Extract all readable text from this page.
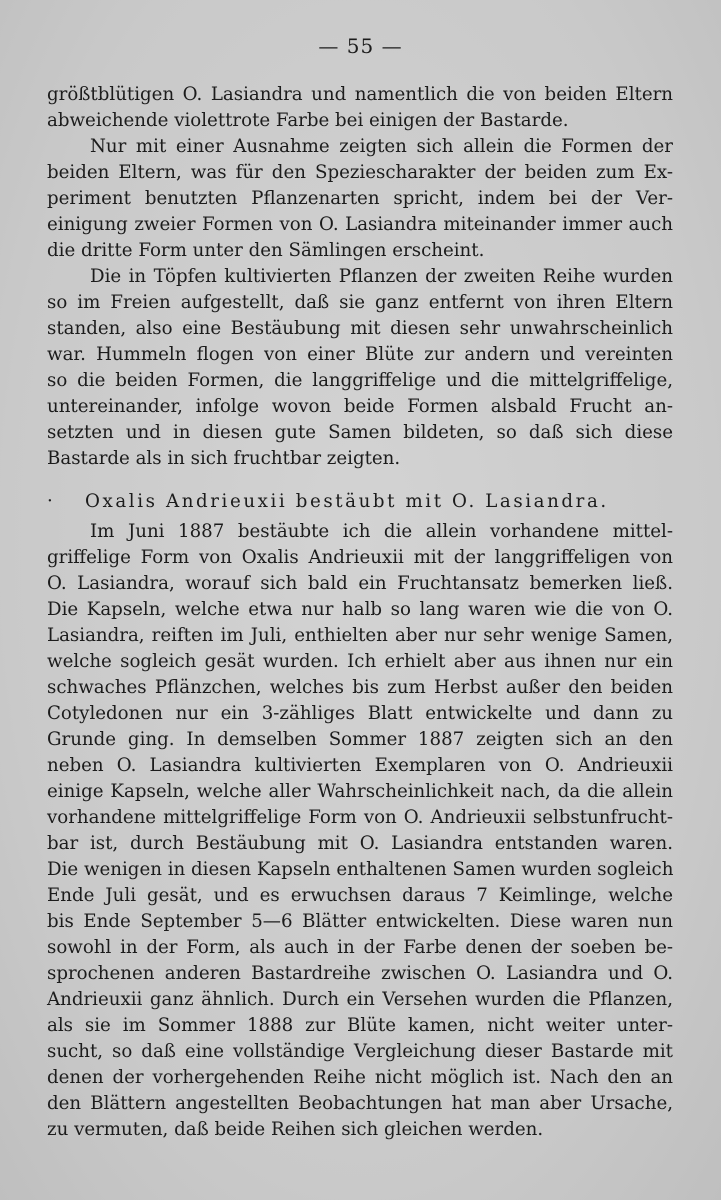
— 55 —
größtblütigen O. Lasiandra und namentlich die von beiden Eltern
abweichende violettrote Farbe bei einigen der Bastarde.
Nur mit einer Ausnahme zeigten sich allein die Formen der
beiden Eltern, was für den Speziescharakter der beiden zum Ex-
periment benutzten Pflanzenarten spricht, indem bei der Ver-
einigung zweier Formen von O. Lasiandra miteinander immer auch
die dritte Form unter den Sämlingen erscheint.
Die in Töpfen kultivierten Pflanzen der zweiten Reihe wurden
so im Freien aufgestellt, daß sie ganz entfernt von ihren Eltern
standen, also eine Bestäubung mit diesen sehr unwahrscheinlich
war. Hummeln flogen von einer Blüte zur andern und vereinten
so die beiden Formen, die langgriffelige und die mittelgriffelige,
untereinander, infolge wovon beide Formen alsbald Frucht an-
setzten und in diesen gute Samen bildeten, so daß sich diese
Bastarde als in sich fruchtbar zeigten.
· Oxalis Andrieuxii bestäubt mit O. Lasiandra.
Im Juni 1887 bestäubte ich die allein vorhandene mittel-
griffelige Form von Oxalis Andrieuxii mit der langgriffeligen von
O. Lasiandra, worauf sich bald ein Fruchtansatz bemerken ließ.
Die Kapseln, welche etwa nur halb so lang waren wie die von O.
Lasiandra, reiften im Juli, enthielten aber nur sehr wenige Samen,
welche sogleich gesät wurden. Ich erhielt aber aus ihnen nur ein
schwaches Pflänzchen, welches bis zum Herbst außer den beiden
Cotyledonen nur ein 3-zähliges Blatt entwickelte und dann zu
Grunde ging. In demselben Sommer 1887 zeigten sich an den
neben O. Lasiandra kultivierten Exemplaren von O. Andrieuxii
einige Kapseln, welche aller Wahrscheinlichkeit nach, da die allein
vorhandene mittelgriffelige Form von O. Andrieuxii selbstunfrucht-
bar ist, durch Bestäubung mit O. Lasiandra entstanden waren.
Die wenigen in diesen Kapseln enthaltenen Samen wurden sogleich
Ende Juli gesät, und es erwuchsen daraus 7 Keimlinge, welche
bis Ende September 5—6 Blätter entwickelten. Diese waren nun
sowohl in der Form, als auch in der Farbe denen der soeben be-
sprochenen anderen Bastardreihe zwischen O. Lasiandra und O.
Andrieuxii ganz ähnlich. Durch ein Versehen wurden die Pflanzen,
als sie im Sommer 1888 zur Blüte kamen, nicht weiter unter-
sucht, so daß eine vollständige Vergleichung dieser Bastarde mit
denen der vorhergehenden Reihe nicht möglich ist. Nach den an
den Blättern angestellten Beobachtungen hat man aber Ursache,
zu vermuten, daß beide Reihen sich gleichen werden.
